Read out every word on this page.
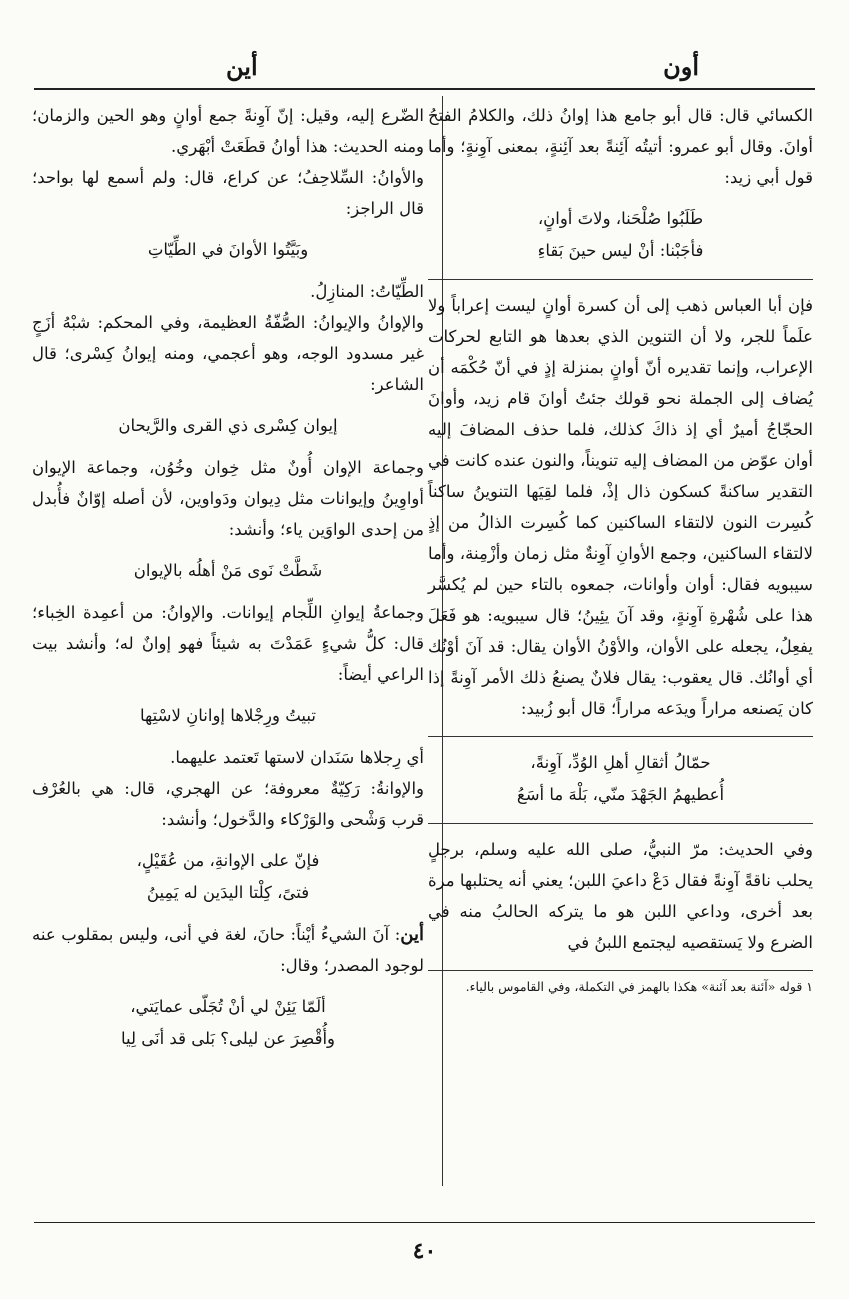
أون
أين

الكسائي قال: قال أبو جامع هذا إوانُ ذلك، والكلامُ الفتحُ أوانَ. وقال أبو عمرو: أتيتُه آئِنةً بعد آئِنةٍ، بمعنى آوِنةٍ؛ وأما قول أبي زيد:

طَلَبُوا صُلْحَنا، ولاتَ أوانٍ،
فأجَبْنا: أنْ ليس حينَ بَقاءِ

فإن أبا العباس ذهب إلى أن كسرة أوانٍ ليست إعراباً ولا علَماً للجر، ولا أن التنوين الذي بعدها هو التابع لحركات الإعراب، وإنما تقديره أنّ أوانٍ بمنزلة إذٍ في أنّ حُكْمَه أن يُضاف إلى الجملة نحو قولك جئتُ أوانَ قام زيد، وأوانَ الحجّاجُ أميرٌ أي إذ ذاكَ كذلك، فلما حذف المضافَ إليه أوان عوّض من المضاف إليه تنويناً، والنون عنده كانت في التقدير ساكنةً كسكون ذال إذْ، فلما لقِيَها التنوينُ ساكناً كُسِرت النون لالتقاء الساكنين كما كُسِرت الذالُ من إذٍ لالتقاء الساكنين، وجمع الأوانِ آوِنةٌ مثل زمان وأزْمِنة، وأما سيبويه فقال: أوان وأوانات، جمعوه بالتاء حين لم يُكسَّر هذا على شُهْرةِ آوِنةٍ، وقد آنَ يئِينُ؛ قال سيبويه: هو فَعَلَ يفعِلُ، يجعله على الأوان، والأوْنُ الأوان يقال: قد آنَ أوْنُك أي أوانُك. قال يعقوب: يقال فلانٌ يصنعُ ذلك الأمر آوِنةً إذا كان يَصنعه مراراً ويدَعه مراراً؛ قال أبو زُبيد:

حمّالُ أثقالِ أهلِ الوُدِّ، آوِنةً،
أُعطيهمُ الجَهْدَ منّي، بَلْهَ ما أسَعُ

وفي الحديث: مرّ النبيُّ، صلى الله عليه وسلم، برجلٍ يحلب ناقةً آوِنةً فقال دَعْ داعيَ اللبن؛ يعني أنه يحتلبها مرة بعد أخرى، وداعي اللبن هو ما يتركه الحالبُ منه في الضرع ولا يَستقصيه ليجتمع اللبنُ في

١ قوله «آئنة بعد آئنة» هكذا بالهمز في التكملة، وفي القاموس بالياء.

الضّرع إليه، وقيل: إنّ آوِنةً جمع أوانٍ وهو الحين والزمان؛ ومنه الحديث: هذا أوانُ قطَعَتْ أبْهَري.

والأوانُ: السِّلاحِفُ؛ عن كراع، قال: ولم أسمع لها بواحد؛ قال الراجز:

وبَيَّتُوا الأوانَ في الطِّيّاتِ

الطِّيّاتُ: المنازِلُ.

والإوانُ والإيوانُ: الصُّفّةُ العظيمة، وفي المحكم: شبْهُ أزَجٍ غير مسدود الوجه، وهو أعجمي، ومنه إيوانُ كِسْرى؛ قال الشاعر:

إيوان كِسْرى ذي القرى والرَّيحان

وجماعة الإوان أُونٌ مثل خِوان وخُوُن، وجماعة الإيوان أواوِينُ وإيوانات مثل دِيوان ودَواوين، لأن أصله إوّانٌ فأُبدل من إحدى الواوَين ياء؛ وأنشد:

شَطَّتْ نَوى مَنْ أهلُه بالإيوان

وجماعةُ إيوانِ اللِّجام إيوانات. والإوانُ: من أعمِدة الخِباء؛ قال: كلُّ شيءٍ عَمَدْتَ به شيئاً فهو إوانٌ له؛ وأنشد بيت الراعي أيضاً:

تبيتُ ورِجْلاها إوانانِ لاسْتِها

أي رِجلاها سَنَدان لاستها تَعتمد عليهما.

والإوانةُ: رَكِيّةٌ معروفة؛ عن الهجري، قال: هي بالعُرْف قرب وَشْحى والوَرْكاء والدَّخول؛ وأنشد:

فإنّ على الإوانةِ، من عُقَيْلٍ،
فتىً، كِلْتا اليدَين له يَمِينُ

أين: آنَ الشيءُ أيْناً: حانَ، لغة في أنى، وليس بمقلوب عنه لوجود المصدر؛ وقال:

ألَمّا يَئِنْ لي أنْ تُجَلّى عمايَتي،
وأُقْصِرَ عن ليلى؟ بَلى قد أنَى لِيا
٤٠
